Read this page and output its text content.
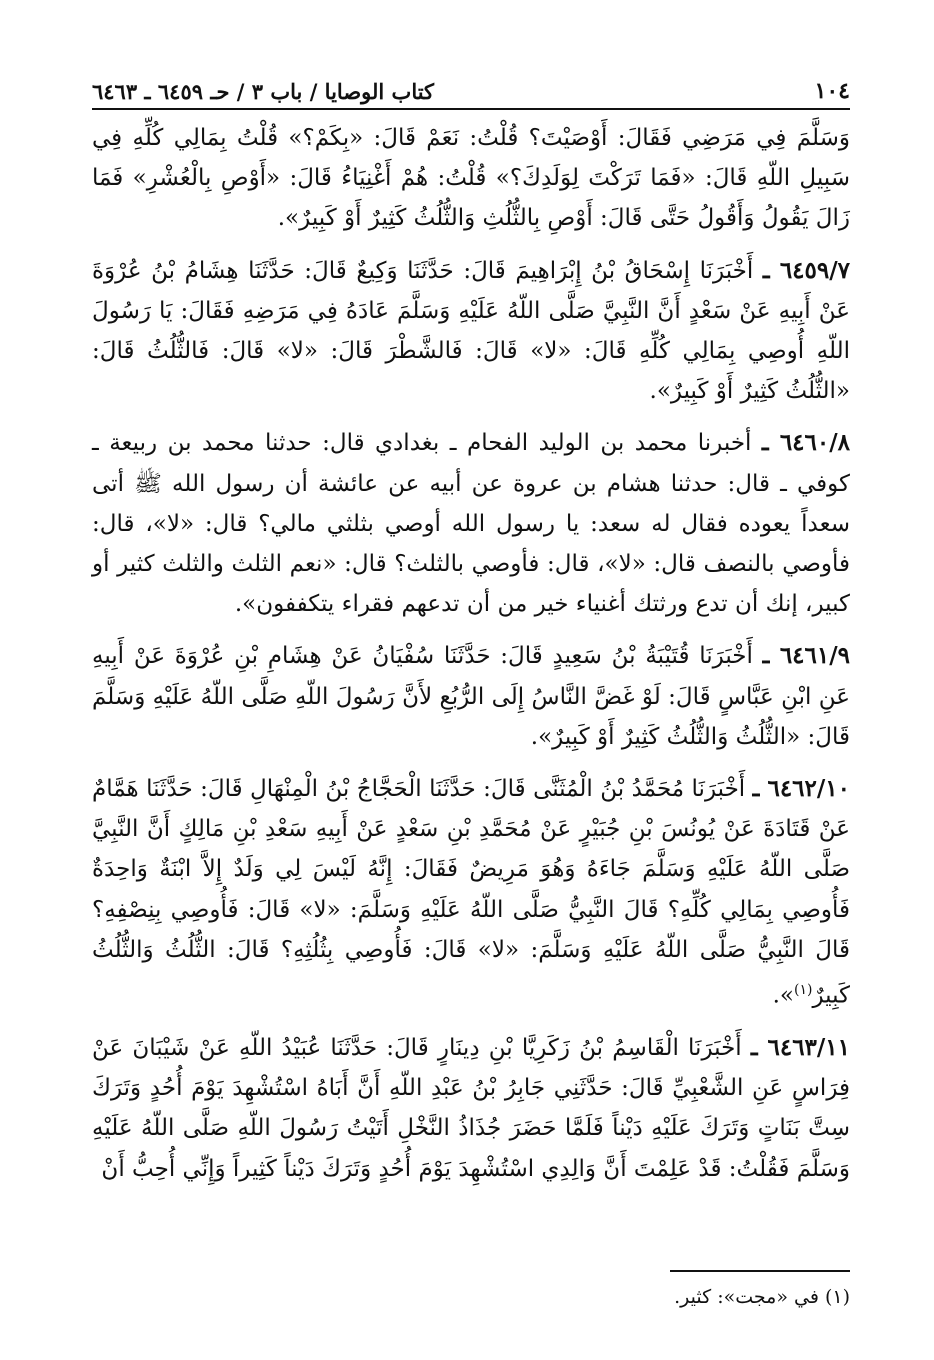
١٠٤
كتاب الوصايا / باب ٣ / حـ ٦٤٥٩ ـ ٦٤٦٣

وَسَلَّمَ فِي مَرَضِي فَقَالَ: أَوْصَيْتَ؟ قُلْتُ: نَعَمْ قَالَ: «بِكَمْ؟» قُلْتُ بِمَالِي كُلِّهِ فِي سَبِيلِ اللّهِ قَالَ: «فَمَا تَرَكْتَ لِوَلَدِكَ؟» قُلْتُ: هُمْ أَغْنِيَاءُ قَالَ: «أَوْصِ بِالْعُشْرِ» فَمَا زَالَ يَقُولُ وَأَقُولُ حَتَّى قَالَ: أَوْصِ بِالثُّلُثِ وَالثُّلُثُ كَثِيرٌ أَوْ كَبِيرٌ».

٦٤٥٩/٧ ـ أَخْبَرَنَا إِسْحَاقُ بْنُ إِبْرَاهِيمَ قَالَ: حَدَّثَنَا وَكِيعٌ قَالَ: حَدَّثَنَا هِشَامُ بْنُ عُرْوَةَ عَنْ أَبِيهِ عَنْ سَعْدٍ أَنَّ النَّبِيَّ صَلَّى اللّهُ عَلَيْهِ وَسَلَّمَ عَادَهُ فِي مَرَضِهِ فَقَالَ: يَا رَسُولَ اللّهِ أُوصِي بِمَالِي كُلِّهِ قَالَ: «لا» قَالَ: فَالشَّطْرَ قَالَ: «لا» قَالَ: فَالثُّلُثُ قَالَ: «الثُّلُثُ كَثِيرٌ أَوْ كَبِيرٌ».

٦٤٦٠/٨ ـ أخبرنا محمد بن الوليد الفحام ـ بغدادي قال: حدثنا محمد بن ربيعة ـ كوفي ـ قال: حدثنا هشام بن عروة عن أبيه عن عائشة أن رسول الله ﷺ أتى سعداً يعوده فقال له سعد: يا رسول الله أوصي بثلثي مالي؟ قال: «لا»، قال: فأوصي بالنصف قال: «لا»، قال: فأوصي بالثلث؟ قال: «نعم الثلث والثلث كثير أو كبير، إنك أن تدع ورثتك أغنياء خير من أن تدعهم فقراء يتكففون».

٦٤٦١/٩ ـ أَخْبَرَنَا قُتَيْبَةُ بْنُ سَعِيدٍ قَالَ: حَدَّثَنَا سُفْيَانُ عَنْ هِشَامِ بْنِ عُرْوَةَ عَنْ أَبِيهِ عَنِ ابْنِ عَبَّاسٍ قَالَ: لَوْ غَضَّ النَّاسُ إِلَى الرُّبُعِ لأَنَّ رَسُولَ اللّهِ صَلَّى اللّهُ عَلَيْهِ وَسَلَّمَ قَالَ: «الثُّلُثُ وَالثُّلُثُ كَثِيرٌ أَوْ كَبِيرٌ».

٦٤٦٢/١٠ ـ أَخْبَرَنَا مُحَمَّدُ بْنُ الْمُثَنَّى قَالَ: حَدَّثَنَا الْحَجَّاجُ بْنُ الْمِنْهَالِ قَالَ: حَدَّثَنَا هَمَّامٌ عَنْ قَتَادَةَ عَنْ يُونُسَ بْنِ جُبَيْرٍ عَنْ مُحَمَّدِ بْنِ سَعْدٍ عَنْ أَبِيهِ سَعْدِ بْنِ مَالِكٍ أَنَّ النَّبِيَّ صَلَّى اللّهُ عَلَيْهِ وَسَلَّمَ جَاءَهُ وَهُوَ مَرِيضٌ فَقَالَ: إِنَّهُ لَيْسَ لِي وَلَدٌ إِلاَّ ابْنَةٌ وَاحِدَةٌ فَأُوصِي بِمَالِي كُلِّهِ؟ قَالَ النَّبِيُّ صَلَّى اللّهُ عَلَيْهِ وَسَلَّمَ: «لا» قَالَ: فَأُوصِي بِنِصْفِهِ؟ قَالَ النَّبِيُّ صَلَّى اللّهُ عَلَيْهِ وَسَلَّمَ: «لا» قَالَ: فَأُوصِي بِثُلُثِهِ؟ قَالَ: الثُّلُثُ وَالثُّلُثُ كَبِيرٌ$^{(١)}$».

٦٤٦٣/١١ ـ أَخْبَرَنَا الْقَاسِمُ بْنُ زَكَرِيَّا بْنِ دِينَارٍ قَالَ: حَدَّثَنَا عُبَيْدُ اللّهِ عَنْ شَيْبَانَ عَنْ فِرَاسٍ عَنِ الشَّعْبِيِّ قَالَ: حَدَّثَنِي جَابِرُ بْنُ عَبْدِ اللّهِ أَنَّ أَبَاهُ اسْتُشْهِدَ يَوْمَ أُحُدٍ وَتَرَكَ سِتَّ بَنَاتٍ وَتَرَكَ عَلَيْهِ دَيْناً فَلَمَّا حَضَرَ جُذَاذُ النَّخْلِ أَتَيْتُ رَسُولَ اللّهِ صَلَّى اللّهُ عَلَيْهِ وَسَلَّمَ فَقُلْتُ: قَدْ عَلِمْتَ أَنَّ وَالِدِي اسْتُشْهِدَ يَوْمَ أُحُدٍ وَتَرَكَ دَيْناً كَثِيراً وَإِنِّي أُحِبُّ أَنْ

(١) في «مجت»: كثير.
